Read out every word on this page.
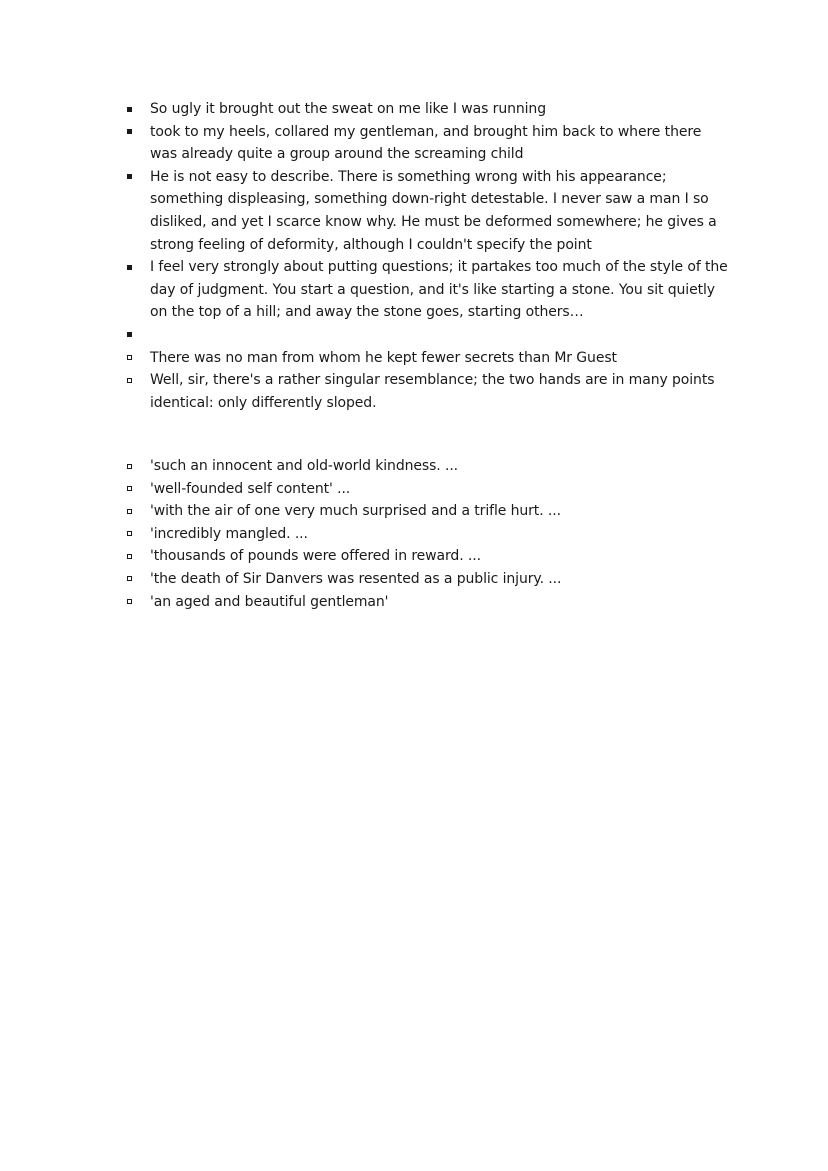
So ugly it brought out the sweat on me like I was running
took to my heels, collared my gentleman, and brought him back to where there was already quite a group around the screaming child
He is not easy to describe. There is something wrong with his appearance; something displeasing, something down-right detestable. I never saw a man I so disliked, and yet I scarce know why. He must be deformed somewhere; he gives a strong feeling of deformity, although I couldn't specify the point
I feel very strongly about putting questions; it partakes too much of the style of the day of judgment. You start a question, and it's like starting a stone. You sit quietly on the top of a hill; and away the stone goes, starting others…
There was no man from whom he kept fewer secrets than Mr Guest
Well, sir, there's a rather singular resemblance; the two hands are in many points identical: only differently sloped.
'such an innocent and old-world kindness. ...
'well-founded self content' ...
'with the air of one very much surprised and a trifle hurt. ...
'incredibly mangled. ...
'thousands of pounds were offered in reward. ...
'the death of Sir Danvers was resented as a public injury. ...
'an aged and beautiful gentleman'
